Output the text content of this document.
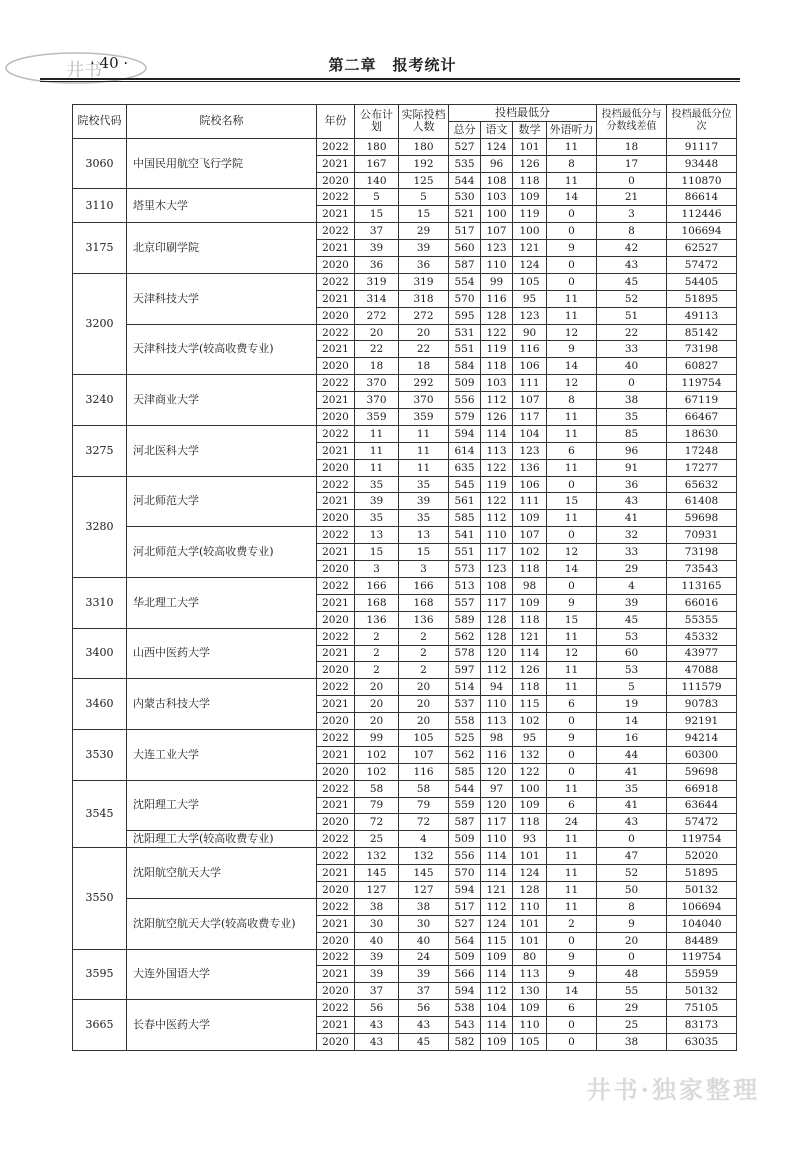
井书
· 40 ·	第二章　报考统计
院校代码	院校名称	年份	公布计划	实际投档人数	投档最低分				投档最低分与分数线差值	投档最低分位次
					总分	语文	数学	外语听力		
3060	中国民用航空飞行学院	2022	180	180	527	124	101	11	18	91117
		2021	167	192	535	96	126	8	17	93448
		2020	140	125	544	108	118	11	0	110870
3110	塔里木大学	2022	5	5	530	103	109	14	21	86614
		2021	15	15	521	100	119	0	3	112446
3175	北京印刷学院	2022	37	29	517	107	100	0	8	106694
		2021	39	39	560	123	121	9	42	62527
		2020	36	36	587	110	124	0	43	57472
3200	天津科技大学	2022	319	319	554	99	105	0	45	54405
		2021	314	318	570	116	95	11	52	51895
		2020	272	272	595	128	123	11	51	49113
	天津科技大学(较高收费专业)	2022	20	20	531	122	90	12	22	85142
		2021	22	22	551	119	116	9	33	73198
		2020	18	18	584	118	106	14	40	60827
3240	天津商业大学	2022	370	292	509	103	111	12	0	119754
		2021	370	370	556	112	107	8	38	67119
		2020	359	359	579	126	117	11	35	66467
3275	河北医科大学	2022	11	11	594	114	104	11	85	18630
		2021	11	11	614	113	123	6	96	17248
		2020	11	11	635	122	136	11	91	17277
3280	河北师范大学	2022	35	35	545	119	106	0	36	65632
		2021	39	39	561	122	111	15	43	61408
		2020	35	35	585	112	109	11	41	59698
	河北师范大学(较高收费专业)	2022	13	13	541	110	107	0	32	70931
		2021	15	15	551	117	102	12	33	73198
		2020	3	3	573	123	118	14	29	73543
3310	华北理工大学	2022	166	166	513	108	98	0	4	113165
		2021	168	168	557	117	109	9	39	66016
		2020	136	136	589	128	118	15	45	55355
3400	山西中医药大学	2022	2	2	562	128	121	11	53	45332
		2021	2	2	578	120	114	12	60	43977
		2020	2	2	597	112	126	11	53	47088
3460	内蒙古科技大学	2022	20	20	514	94	118	11	5	111579
		2021	20	20	537	110	115	6	19	90783
		2020	20	20	558	113	102	0	14	92191
3530	大连工业大学	2022	99	105	525	98	95	9	16	94214
		2021	102	107	562	116	132	0	44	60300
		2020	102	116	585	120	122	0	41	59698
3545	沈阳理工大学	2022	58	58	544	97	100	11	35	66918
		2021	79	79	559	120	109	6	41	63644
		2020	72	72	587	117	118	24	43	57472
	沈阳理工大学(较高收费专业)	2022	25	4	509	110	93	11	0	119754
3550	沈阳航空航天大学	2022	132	132	556	114	101	11	47	52020
		2021	145	145	570	114	124	11	52	51895
		2020	127	127	594	121	128	11	50	50132
	沈阳航空航天大学(较高收费专业)	2022	38	38	517	112	110	11	8	106694
		2021	30	30	527	124	101	2	9	104040
		2020	40	40	564	115	101	0	20	84489
3595	大连外国语大学	2022	39	24	509	109	80	9	0	119754
		2021	39	39	566	114	113	9	48	55959
		2020	37	37	594	112	130	14	55	50132
3665	长春中医药大学	2022	56	56	538	104	109	6	29	75105
		2021	43	43	543	114	110	0	25	83173
		2020	43	45	582	109	105	0	38	63035
井书·独家整理
